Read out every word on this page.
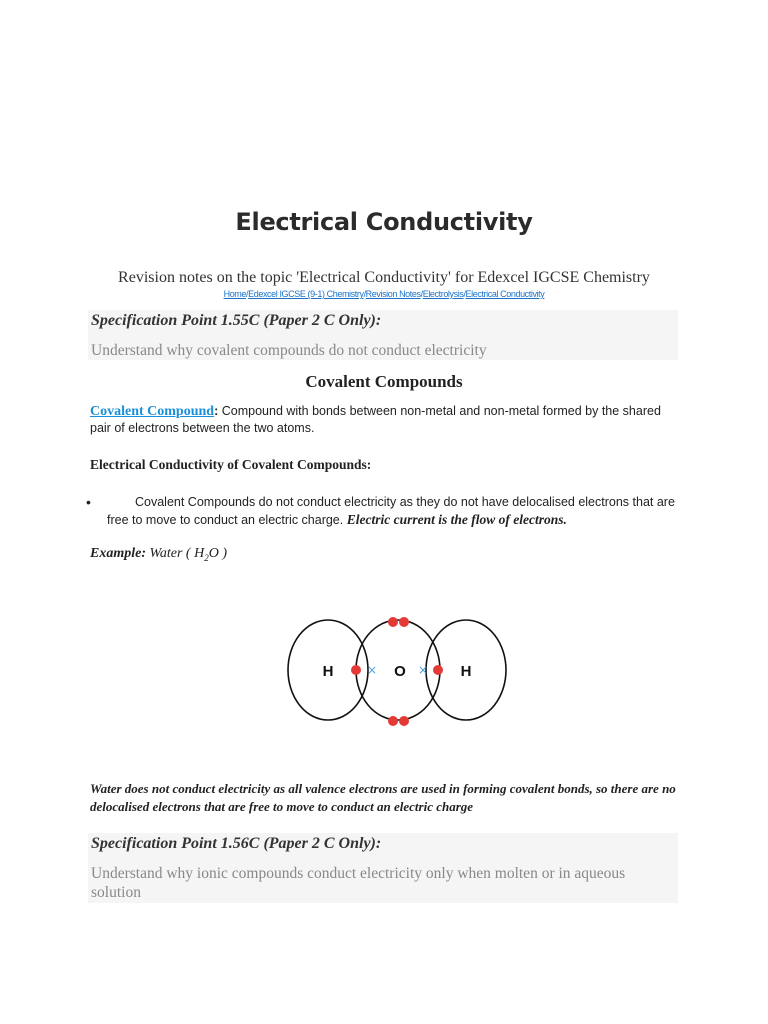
Electrical Conductivity
Revision notes on the topic 'Electrical Conductivity' for Edexcel IGCSE Chemistry
Home/Edexcel IGCSE (9-1) Chemistry/Revision Notes/Electrolysis/Electrical Conductivity
Specification Point 1.55C (Paper 2 C Only):
Understand why covalent compounds do not conduct electricity
Covalent Compounds
Covalent Compound: Compound with bonds between non-metal and non-metal formed by the shared pair of electrons between the two atoms.
Electrical Conductivity of Covalent Compounds:
•	Covalent Compounds do not conduct electricity as they do not have delocalised electrons that are free to move to conduct an electric charge. Electric current is the flow of electrons.
Example: Water ( $H_2O$ )
H	O	H
×	×
Water does not conduct electricity as all valence electrons are used in forming covalent bonds, so there are no delocalised electrons that are free to move to conduct an electric charge
Specification Point 1.56C (Paper 2 C Only):
Understand why ionic compounds conduct electricity only when molten or in aqueous solution
